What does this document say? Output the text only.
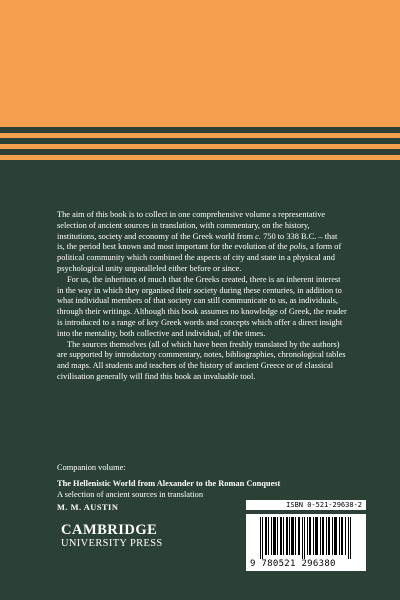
The aim of this book is to collect in one comprehensive volume a representative selection of ancient sources in translation, with commentary, on the history, institutions, society and economy of the Greek world from c. 750 to 338 B.C. – that is, the period best known and most important for the evolution of the polis, a form of political community which combined the aspects of city and state in a physical and psychological unity unparalleled either before or since.

For us, the inheritors of much that the Greeks created, there is an inherent interest in the way in which they organised their society during these centuries, in addition to what individual members of that society can still communicate to us, as individuals, through their writings. Although this book assumes no knowledge of Greek, the reader is introduced to a range of key Greek words and concepts which offer a direct insight into the mentality, both collective and individual, of the times.

The sources themselves (all of which have been freshly translated by the authors) are supported by introductory commentary, notes, bibliographies, chronological tables and maps. All students and teachers of the history of ancient Greece or of classical civilisation generally will find this book an invaluable tool.

Companion volume:

The Hellenistic World from Alexander to the Roman Conquest

A selection of ancient sources in translation

M. M. AUSTIN

CAMBRIDGE
UNIVERSITY PRESS
ISBN 0-521-29638-2
9 780521 296380
